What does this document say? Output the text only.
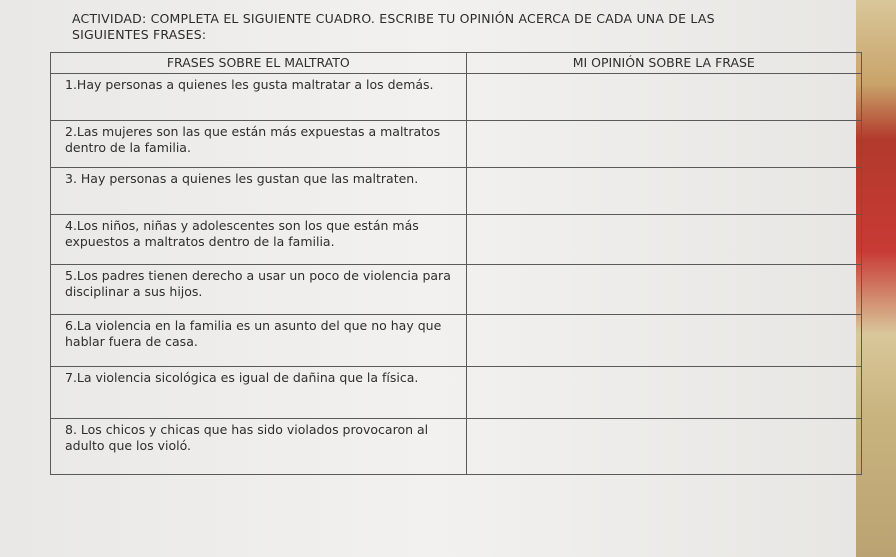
ACTIVIDAD: COMPLETA EL SIGUIENTE CUADRO. ESCRIBE TU OPINIÓN ACERCA DE CADA UNA DE LAS
SIGUIENTES FRASES:
FRASES SOBRE EL MALTRATO	MI OPINIÓN SOBRE LA FRASE
1.Hay personas a quienes les gusta maltratar a los demás.	
2.Las mujeres son las que están más expuestas a maltratos dentro de la familia.	
3. Hay personas a quienes les gustan que las maltraten.	
4.Los niños, niñas y adolescentes son los que están más expuestos a maltratos dentro de la familia.	
5.Los padres tienen derecho a usar un poco de violencia para disciplinar a sus hijos.	
6.La violencia en la familia es un asunto del que no hay que hablar fuera de casa.	
7.La violencia sicológica es igual de dañina que la física.	
8. Los chicos y chicas que has sido violados provocaron al adulto que los violó.	
